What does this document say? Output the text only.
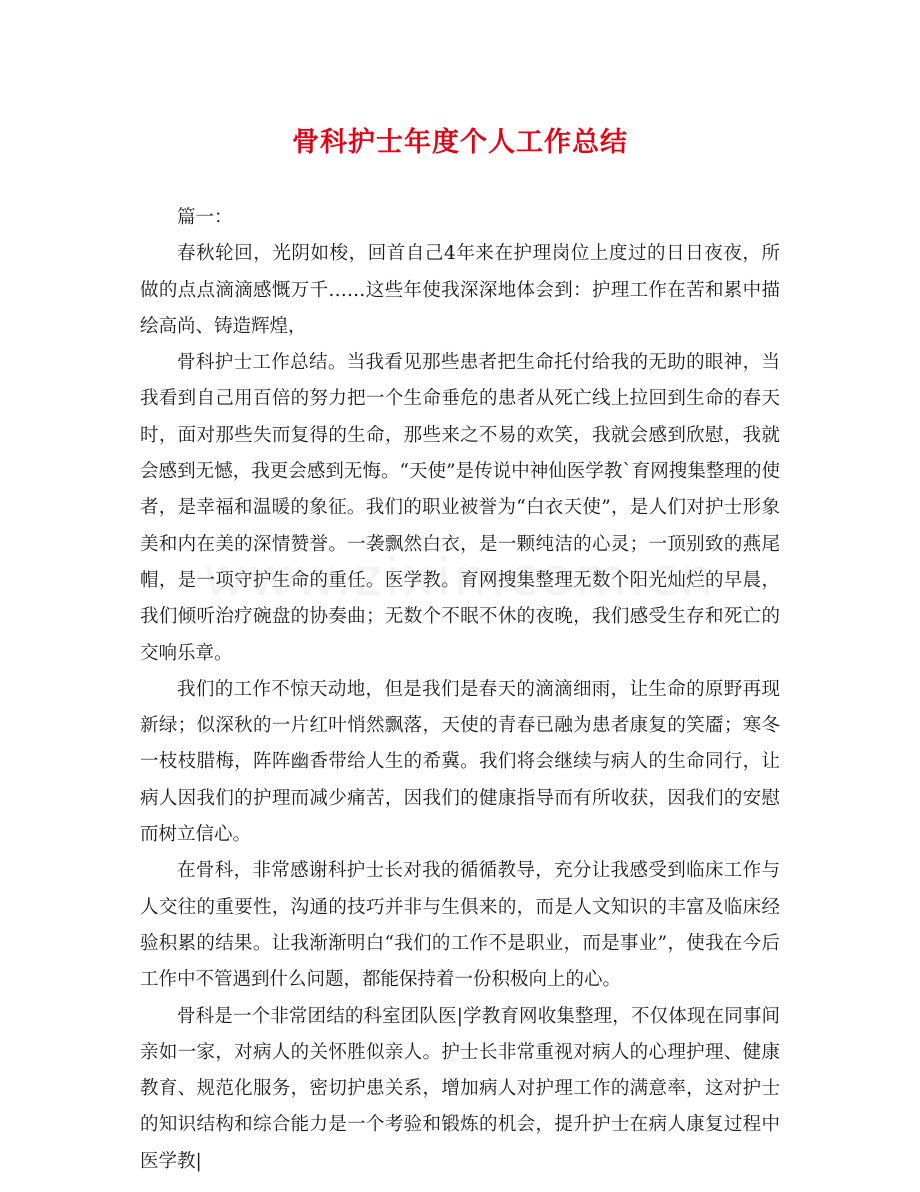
骨科护士年度个人工作总结

篇一：

春秋轮回，光阴如梭，回首自己4年来在护理岗位上度过的日日夜夜，所做的点点滴滴感慨万千……这些年使我深深地体会到：护理工作在苦和累中描绘高尚、铸造辉煌，

骨科护士工作总结。当我看见那些患者把生命托付给我的无助的眼神，当我看到自己用百倍的努力把一个生命垂危的患者从死亡线上拉回到生命的春天时，面对那些失而复得的生命，那些来之不易的欢笑，我就会感到欣慰，我就会感到无憾，我更会感到无悔。“天使”是传说中神仙医学教`育网搜集整理的使者，是幸福和温暖的象征。我们的职业被誉为“白衣天使”，是人们对护士形象美和内在美的深情赞誉。一袭飘然白衣，是一颗纯洁的心灵；一顶别致的燕尾帽，是一项守护生命的重任。医学教。育网搜集整理无数个阳光灿烂的早晨，我们倾听治疗碗盘的协奏曲；无数个不眠不休的夜晚，我们感受生存和死亡的交响乐章。

我们的工作不惊天动地，但是我们是春天的滴滴细雨，让生命的原野再现新绿；似深秋的一片红叶悄然飘落，天使的青春已融为患者康复的笑靥；寒冬一枝枝腊梅，阵阵幽香带给人生的希冀。我们将会继续与病人的生命同行，让病人因我们的护理而减少痛苦，因我们的健康指导而有所收获，因我们的安慰而树立信心。

在骨科，非常感谢科护士长对我的循循教导，充分让我感受到临床工作与人交往的重要性，沟通的技巧并非与生俱来的，而是人文知识的丰富及临床经验积累的结果。让我渐渐明白“我们的工作不是职业，而是事业”，使我在今后工作中不管遇到什么问题，都能保持着一份积极向上的心。

骨科是一个非常团结的科室团队医|学教育网收集整理，不仅体现在同事间亲如一家，对病人的关怀胜似亲人。护士长非常重视对病人的心理护理、健康教育、规范化服务，密切护患关系，增加病人对护理工作的满意率，这对护士的知识结构和综合能力是一个考验和锻炼的机会，提升护士在病人康复过程中医学教|
